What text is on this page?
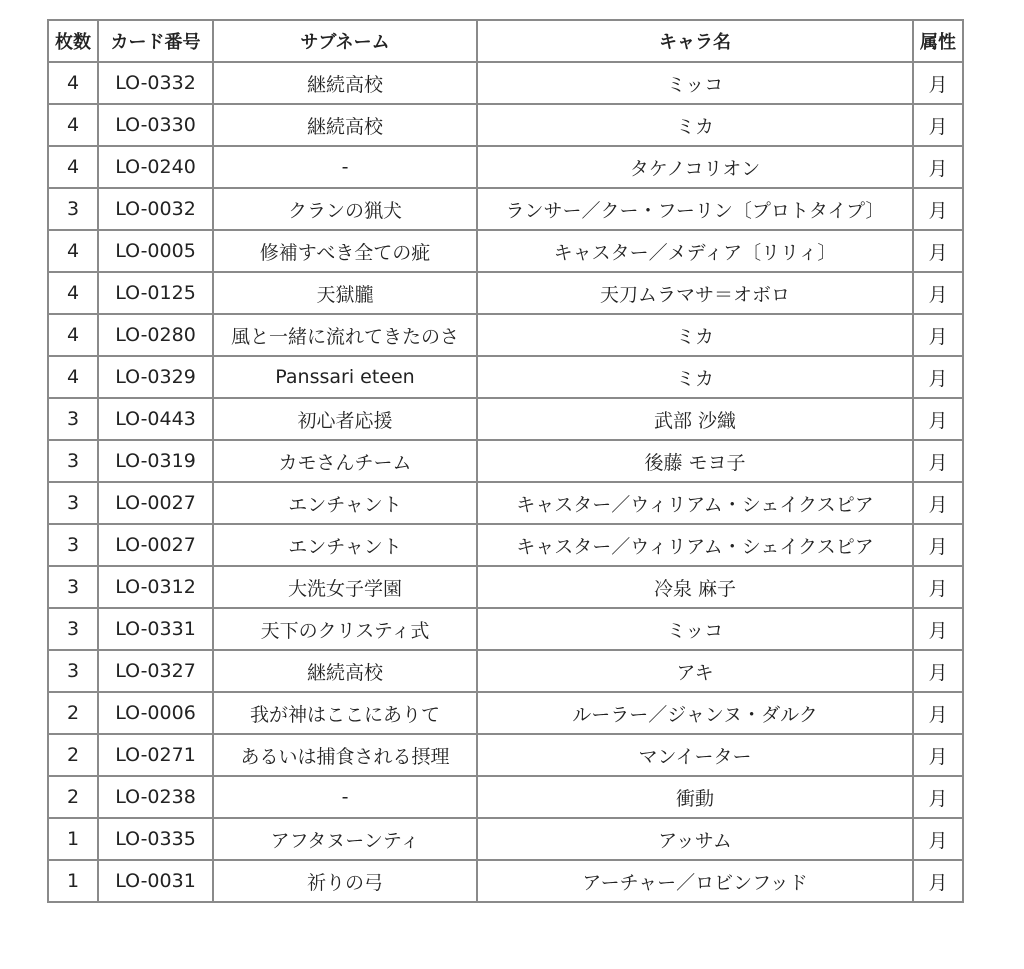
枚数	カード番号	サブネーム	キャラ名	属性
4	LO-0332	継続高校	ミッコ	月
4	LO-0330	継続高校	ミカ	月
4	LO-0240	-	タケノコリオン	月
3	LO-0032	クランの猟犬	ランサー／クー・フーリン〔プロトタイプ〕	月
4	LO-0005	修補すべき全ての疵	キャスター／メディア〔リリィ〕	月
4	LO-0125	天獄朧	天刀ムラマサ＝オボロ	月
4	LO-0280	風と一緒に流れてきたのさ	ミカ	月
4	LO-0329	Panssari eteen	ミカ	月
3	LO-0443	初心者応援	武部 沙織	月
3	LO-0319	カモさんチーム	後藤 モヨ子	月
3	LO-0027	エンチャント	キャスター／ウィリアム・シェイクスピア	月
3	LO-0027	エンチャント	キャスター／ウィリアム・シェイクスピア	月
3	LO-0312	大洗女子学園	冷泉 麻子	月
3	LO-0331	天下のクリスティ式	ミッコ	月
3	LO-0327	継続高校	アキ	月
2	LO-0006	我が神はここにありて	ルーラー／ジャンヌ・ダルク	月
2	LO-0271	あるいは捕食される摂理	マンイーター	月
2	LO-0238	-	衝動	月
1	LO-0335	アフタヌーンティ	アッサム	月
1	LO-0031	祈りの弓	アーチャー／ロビンフッド	月
